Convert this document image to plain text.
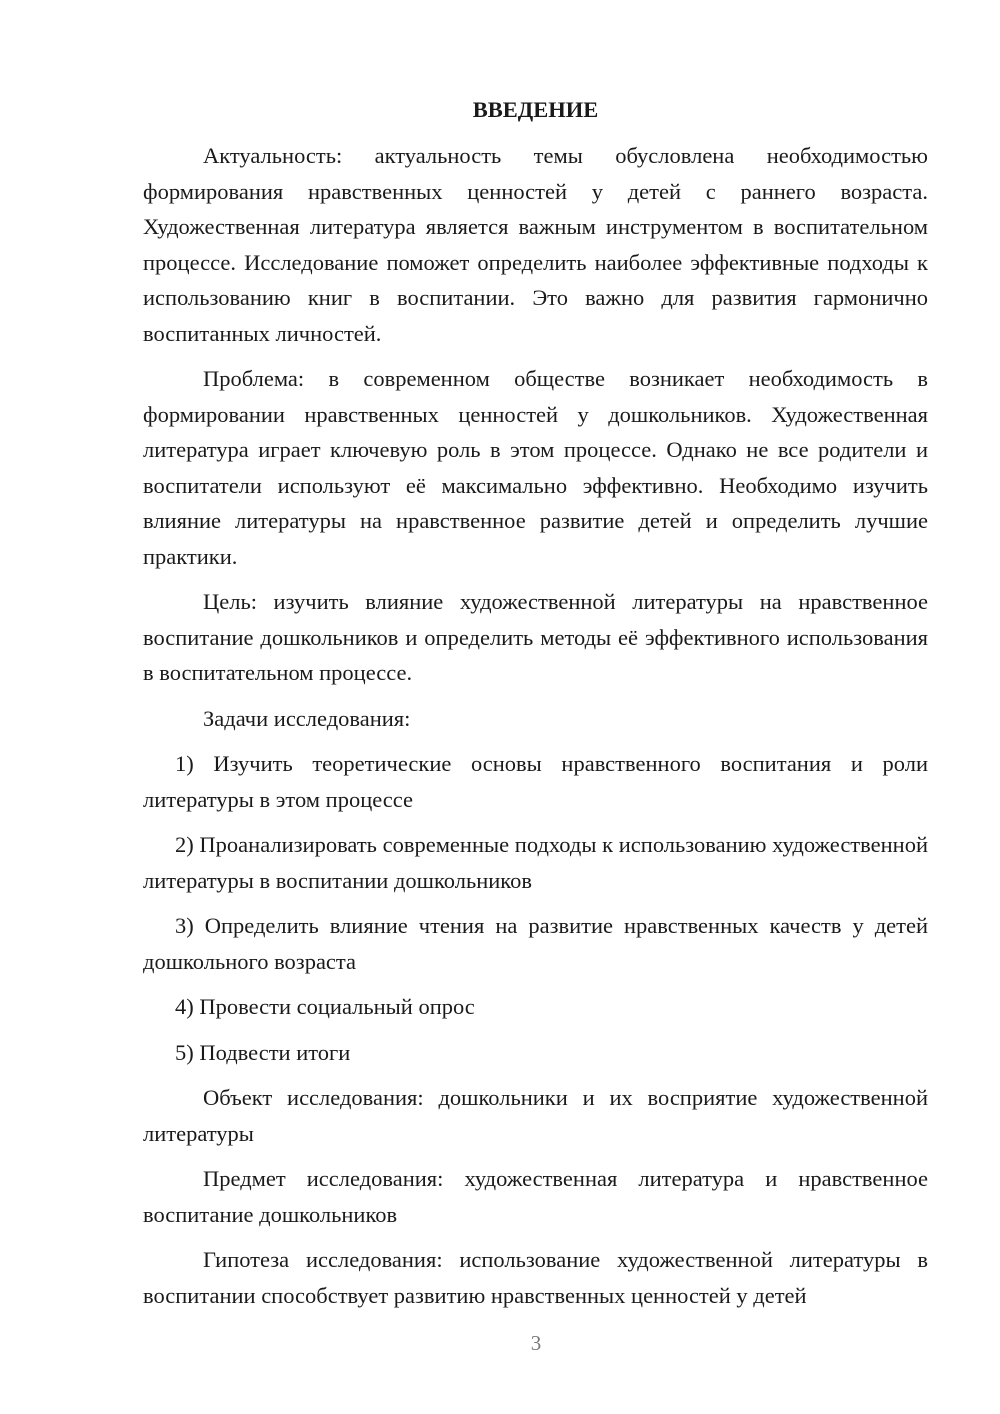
ВВЕДЕНИЕ

Актуальность: актуальность темы обусловлена необходимостью формирования нравственных ценностей у детей с раннего возраста. Художественная литература является важным инструментом в воспитательном процессе. Исследование поможет определить наиболее эффективные подходы к использованию книг в воспитании. Это важно для развития гармонично воспитанных личностей.

Проблема: в современном обществе возникает необходимость в формировании нравственных ценностей у дошкольников. Художественная литература играет ключевую роль в этом процессе. Однако не все родители и воспитатели используют её максимально эффективно. Необходимо изучить влияние литературы на нравственное развитие детей и определить лучшие практики.

Цель: изучить влияние художественной литературы на нравственное воспитание дошкольников и определить методы её эффективного использования в воспитательном процессе.

Задачи исследования:

1) Изучить теоретические основы нравственного воспитания и роли литературы в этом процессе

2) Проанализировать современные подходы к использованию художественной литературы в воспитании дошкольников

3) Определить влияние чтения на развитие нравственных качеств у детей дошкольного возраста

4) Провести социальный опрос

5) Подвести итоги

Объект исследования: дошкольники и их восприятие художественной литературы

Предмет исследования: художественная литература и нравственное воспитание дошкольников

Гипотеза исследования: использование художественной литературы в воспитании способствует развитию нравственных ценностей у детей

3
